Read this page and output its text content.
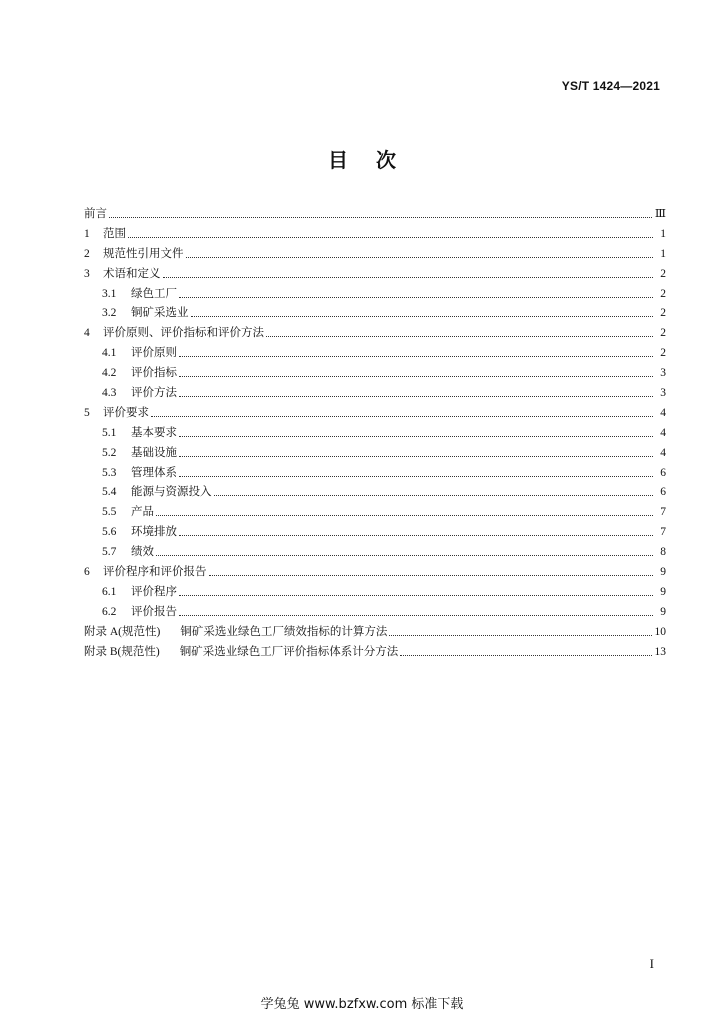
YS/T 1424—2021
目次
前言	Ⅲ
1	范围	1
2	规范性引用文件	1
3	术语和定义	2
3.1	绿色工厂	2
3.2	铜矿采选业	2
4	评价原则、评价指标和评价方法	2
4.1	评价原则	2
4.2	评价指标	3
4.3	评价方法	3
5	评价要求	4
5.1	基本要求	4
5.2	基础设施	4
5.3	管理体系	6
5.4	能源与资源投入	6
5.5	产品	7
5.6	环境排放	7
5.7	绩效	8
6	评价程序和评价报告	9
6.1	评价程序	9
6.2	评价报告	9
附录 A(规范性)	铜矿采选业绿色工厂绩效指标的计算方法	10
附录 B(规范性)	铜矿采选业绿色工厂评价指标体系计分方法	13
I
学兔兔 www.bzfxw.com 标准下载
